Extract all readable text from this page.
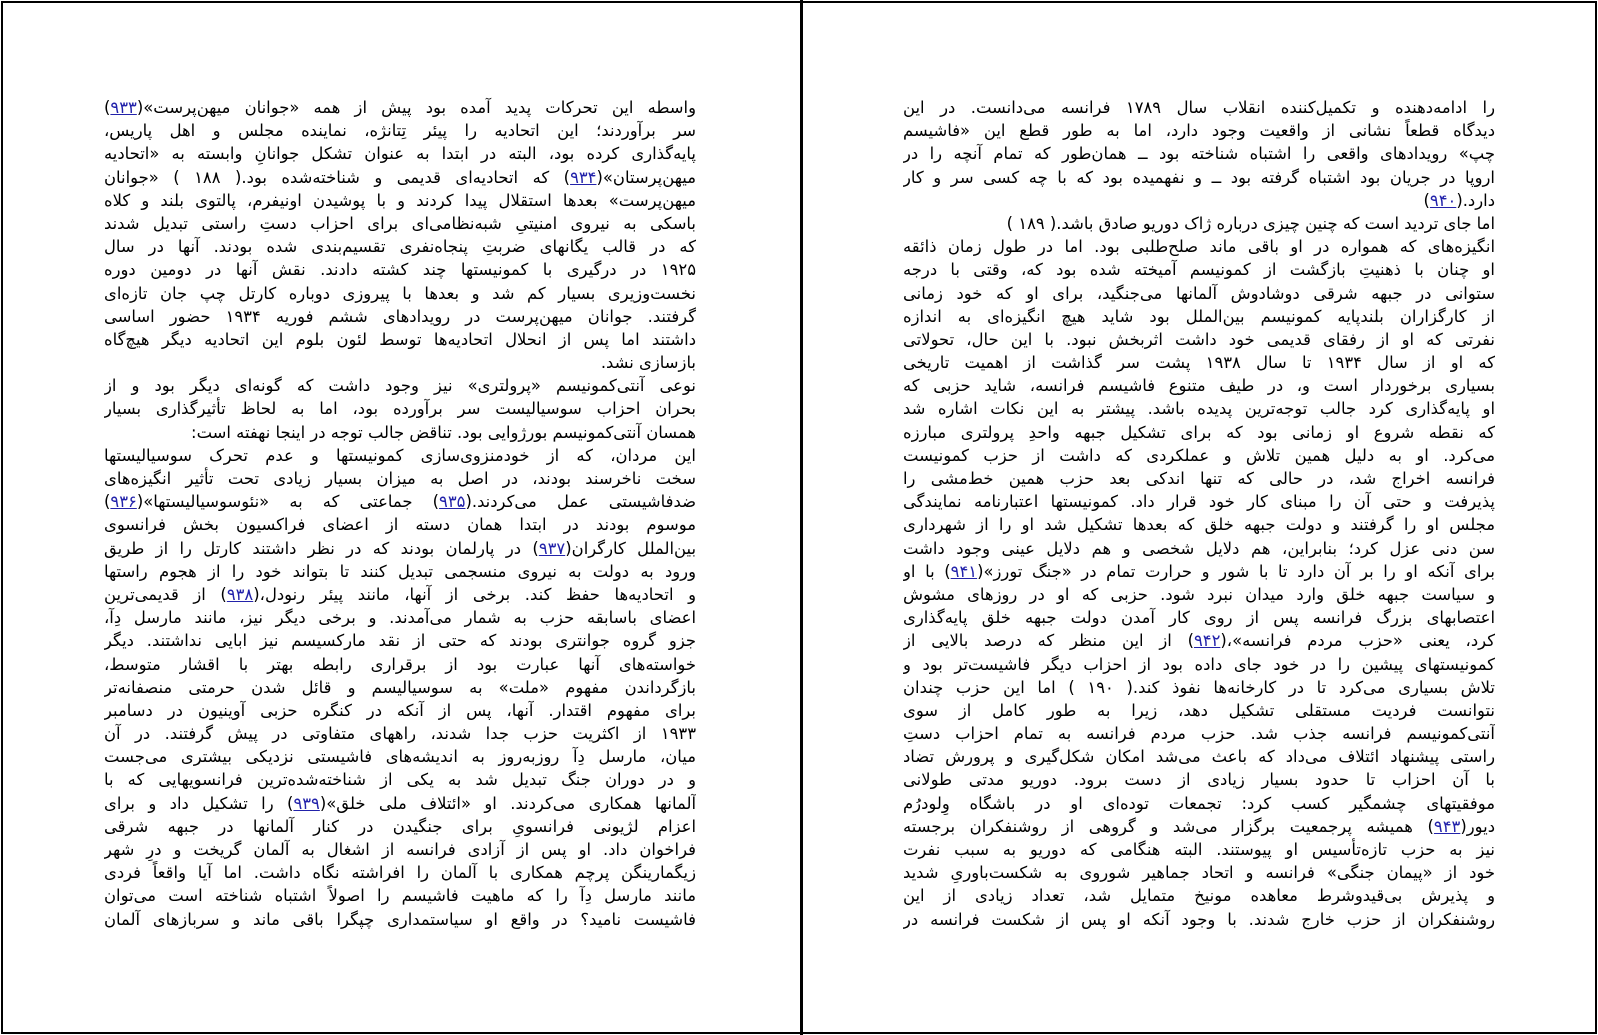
واسطه این تحرکات پدید آمده بود پیش از همه «جوانان میهن‌پرست»(۹۳۳)
سر برآوردند؛ این اتحادیه را پیئر تِتانژه، نماینده مجلس و اهل پاریس،
پایه‌گذاری کرده بود، البته در ابتدا به عنوان تشکل جوانانِ وابسته به «اتحادیه
میهن‌پرستان»(۹۳۴) که اتحادیه‌ای قدیمی و شناخته‌شده بود.( ۱۸۸ ) «جوانان
میهن‌پرست» بعدها استقلال پیدا کردند و با پوشیدن اونیفرم، پالتوی بلند و کلاه
باسکی به نیروی امنیتیِ شبه‌نظامی‌ای برای احزاب دستِ راستی تبدیل شدند
که در قالب یگانهای ضربتِ پنجاه‌نفری تقسیم‌بندی شده بودند. آنها در سال
۱۹۲۵ در درگیری با کمونیستها چند کشته دادند. نقش آنها در دومین دوره
نخست‌وزیری بسیار کم شد و بعدها با پیروزی دوباره کارتل چپ جان تازه‌ای
گرفتند. جوانان میهن‌پرست در رویدادهای ششم فوریه ۱۹۳۴ حضور اساسی
داشتند اما پس از انحلال اتحادیه‌ها توسط لئون بلوم این اتحادیه دیگر هیچ‌گاه
بازسازی نشد.
نوعی آنتی‌کمونیسم «پرولتری» نیز وجود داشت که گونه‌ای دیگر بود و از
بحران احزاب سوسیالیست سر برآورده بود، اما به لحاظ تأثیرگذاری بسیار
همسان آنتی‌کمونیسم بورژوایی بود. تناقض جالب توجه در اینجا نهفته است:
این مردان، که از خودمنزوی‌سازی کمونیستها و عدم تحرک سوسیالیستها
سخت ناخرسند بودند، در اصل به میزان بسیار زیادی تحت تأثیر انگیزه‌های
ضدفاشیستی عمل می‌کردند.(۹۳۵) جماعتی که به «نئوسوسیالیستها»(۹۳۶)
موسوم بودند در ابتدا همان دسته از اعضای فراکسیون بخش فرانسوی
بین‌الملل کارگران(۹۳۷) در پارلمان بودند که در نظر داشتند کارتل را از طریق
ورود به دولت به نیروی منسجمی تبدیل کنند تا بتواند خود را از هجوم راستها
و اتحادیه‌ها حفظ کند. برخی از آنها، مانند پیئر رنودل،(۹۳۸) از قدیمی‌ترین
اعضای باسابقه حزب به شمار می‌آمدند. و برخی دیگر نیز، مانند مارسل دِآ،
جزو گروه جوانتری بودند که حتی از نقد مارکسیسم نیز ابایی نداشتند. دیگر
خواسته‌های آنها عبارت بود از برقراری رابطه بهتر با اقشار متوسط،
بازگرداندن مفهوم «ملت» به سوسیالیسم و قائل شدن حرمتی منصفانه‌تر
برای مفهوم اقتدار. آنها، پس از آنکه در کنگره حزبی آوینیون در دسامبر
۱۹۳۳ از اکثریت حزب جدا شدند، راههای متفاوتی در پیش گرفتند. در آن
میان، مارسل دِآ روزبه‌روز به اندیشه‌های فاشیستی نزدیکی بیشتری می‌جست
و در دوران جنگ تبدیل شد به یکی از شناخته‌شده‌ترین فرانسویهایی که با
آلمانها همکاری می‌کردند. او «ائتلاف ملی خلق»(۹۳۹) را تشکیل داد و برای
اعزام لژیونی فرانسویِ برای جنگیدن در کنار آلمانها در جبهه شرقی
فراخوان داد. او پس از آزادی فرانسه از اشغال به آلمان گریخت و درِ شهر
زیگمارینگن پرچم همکاری با آلمان را افراشته نگاه داشت. اما آیا واقعاً فردی
مانند مارسل دِآ را که ماهیت فاشیسم را اصولاً اشتباه شناخته است می‌توان
فاشیست نامید؟ در واقع او سیاستمداری چپگرا باقی ماند و سربازهای آلمان
را ادامه‌دهنده و تکمیل‌کننده انقلاب سال ۱۷۸۹ فرانسه می‌دانست. در این
دیدگاه قطعاً نشانی از واقعیت وجود دارد، اما به طور قطع این «فاشیسم
چپ» رویدادهای واقعی را اشتباه شناخته بود ــ همان‌طور که تمام آنچه را در
اروپا در جریان بود اشتباه گرفته بود ــ و نفهمیده بود که با چه کسی سر و کار
دارد.(۹۴۰)
اما جای تردید است که چنین چیزی درباره ژاک دوریو صادق باشد.( ۱۸۹ )
انگیزه‌های که همواره در او باقی ماند صلح‌طلبی بود. اما در طول زمان ذائقه
او چنان با ذهنیتِ بازگشت از کمونیسم آمیخته شده بود که، وقتی با درجه
ستوانی در جبهه شرقی دوشادوش آلمانها می‌جنگید، برای او که خود زمانی
از کارگزاران بلندپایه کمونیسم بین‌الملل بود شاید هیچ انگیزه‌ای به اندازه
نفرتی که او از رفقای قدیمی خود داشت اثربخش نبود. با این حال، تحولاتی
که او از سال ۱۹۳۴ تا سال ۱۹۳۸ پشت سر گذاشت از اهمیت تاریخی
بسیاری برخوردار است و، در طیف متنوع فاشیسم فرانسه، شاید حزبی که
او پایه‌گذاری کرد جالب توجه‌ترین پدیده باشد. پیشتر به این نکات اشاره شد
که نقطه شروع او زمانی بود که برای تشکیل جبهه واحدِ پرولتری مبارزه
می‌کرد. او به دلیل همین تلاش و عملکردی که داشت از حزب کمونیست
فرانسه اخراج شد، در حالی که تنها اندکی بعد حزب همین خط‌مشی را
پذیرفت و حتی آن را مبنای کار خود قرار داد. کمونیستها اعتبارنامه نمایندگی
مجلس او را گرفتند و دولت جبهه خلق که بعدها تشکیل شد او را از شهرداری
سن دنی عزل کرد؛ بنابراین، هم دلایل شخصی و هم دلایل عینی وجود داشت
برای آنکه او را بر آن دارد تا با شور و حرارت تمام در «جنگ تورز»(۹۴۱) با او
و سیاست جبهه خلق وارد میدان نبرد شود. حزبی که او در روزهای مشوش
اعتصابهای بزرگ فرانسه پس از روی کار آمدن دولت جبهه خلق پایه‌گذاری
کرد، یعنی «حزب مردم فرانسه»،(۹۴۲) از این منظر که درصد بالایی از
کمونیستهای پیشین را در خود جای داده بود از احزاب دیگر فاشیست‌تر بود و
تلاش بسیاری می‌کرد تا در کارخانه‌ها نفوذ کند.( ۱۹۰ ) اما این حزب چندان
نتوانست فردیت مستقلی تشکیل دهد، زیرا به طور کامل از سوی
آنتی‌کمونیسم فرانسه جذب شد. حزب مردم فرانسه به تمام احزاب دستِ
راستی پیشنهاد ائتلاف می‌داد که باعث می‌شد امکان شکل‌گیری و پرورش تضاد
با آن احزاب تا حدود بسیار زیادی از دست برود. دوریو مدتی طولانی
موفقیتهای چشمگیر کسب کرد: تجمعات توده‌ای او در باشگاه وِلودرُم
دیور(۹۴۳) همیشه پرجمعیت برگزار می‌شد و گروهی از روشنفکران برجسته
نیز به حزب تازه‌تأسیس او پیوستند. البته هنگامی که دوریو به سبب نفرت
خود از «پیمان جنگی» فرانسه و اتحاد جماهیر شوروی به شکست‌باوریِ شدید
و پذیرش بی‌قیدوشرط معاهده مونیخ متمایل شد، تعداد زیادی از این
روشنفکران از حزب خارج شدند. با وجود آنکه او پس از شکست فرانسه در
